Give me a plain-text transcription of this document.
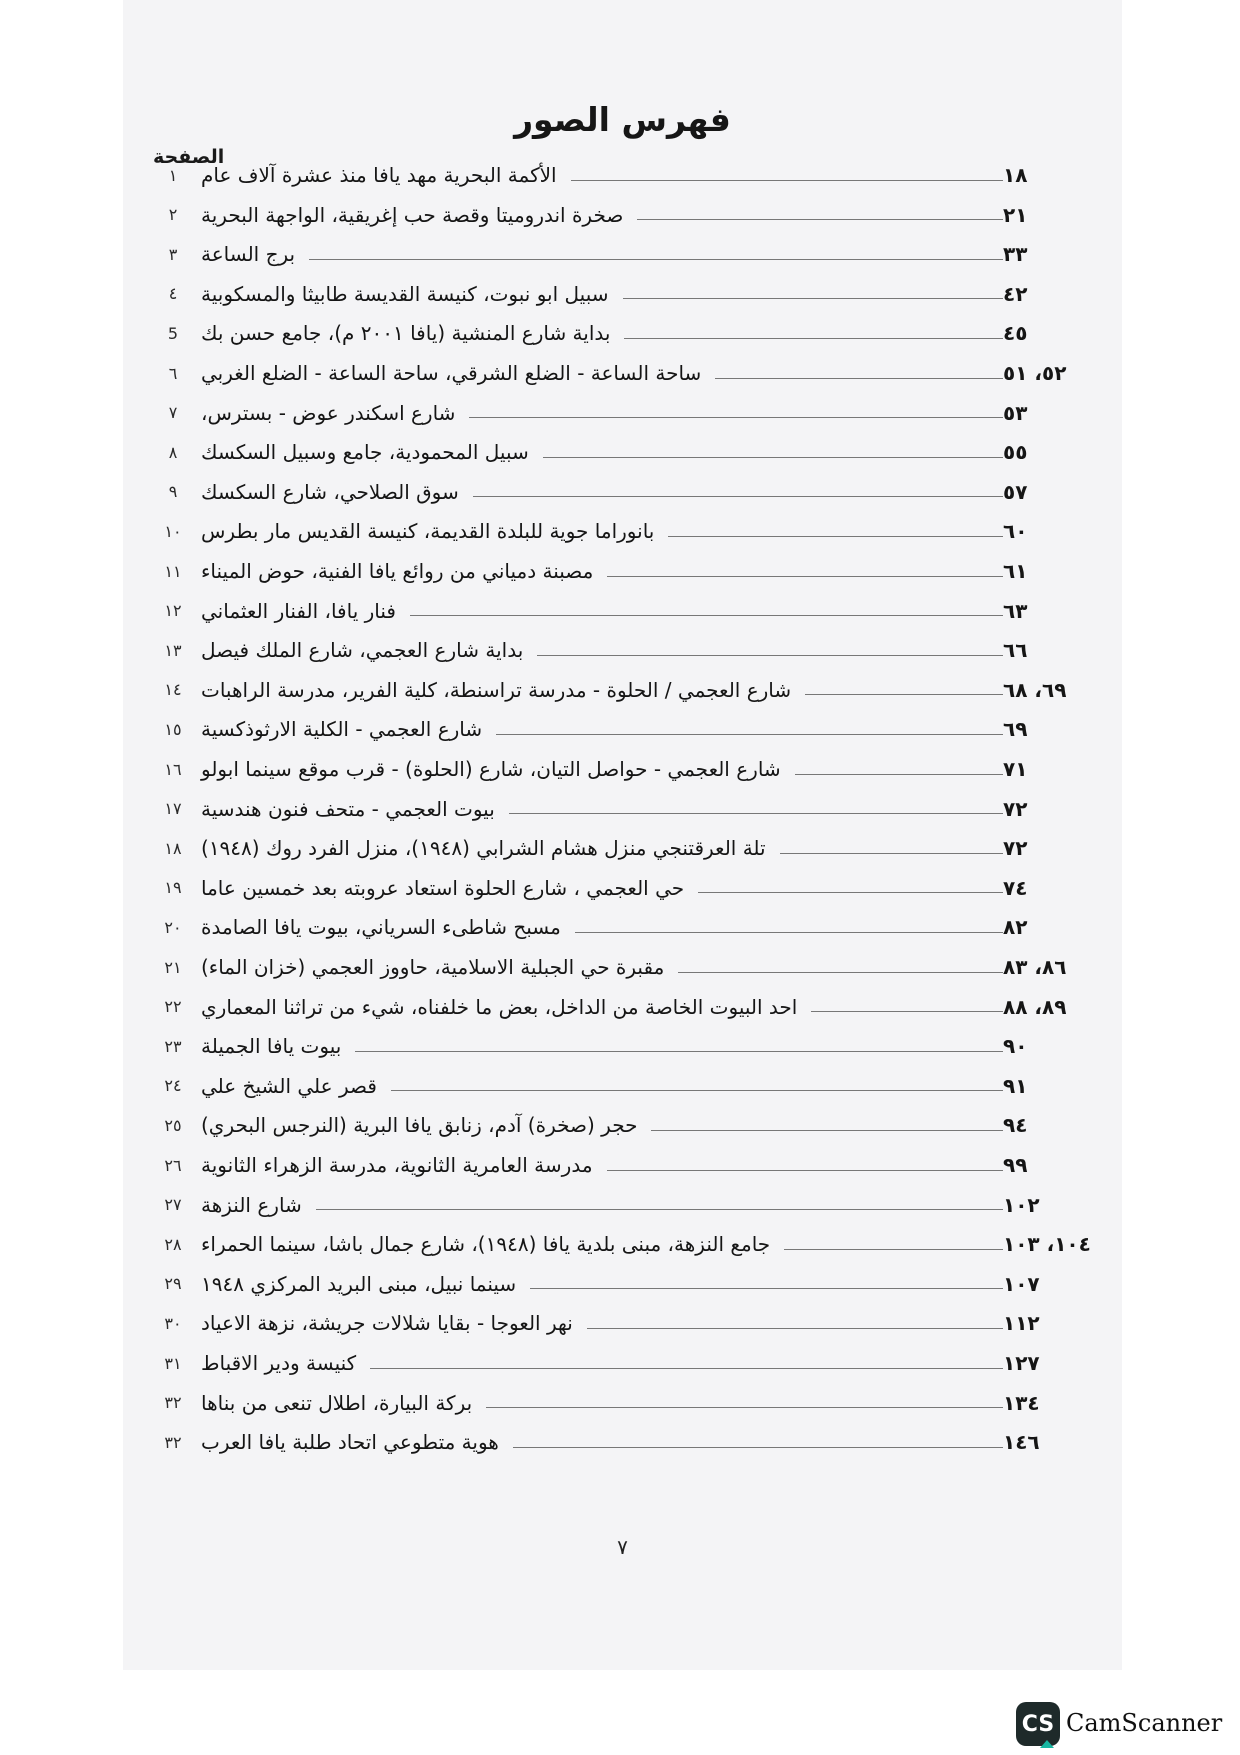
فهرس الصور
الصفحة
١	الأكمة البحرية مهد يافا منذ عشرة آلاف عام	١٨
٢	صخرة اندروميتا وقصة حب إغريقية، الواجهة البحرية	٢١
٣	برج الساعة	٣٣
٤	سبيل ابو نبوت، كنيسة القديسة طابيثا والمسكوبية	٤٢
5	بداية شارع المنشية (يافا ٢٠٠١ م)، جامع حسن بك	٤٥
٦	ساحة الساعة - الضلع الشرقي، ساحة الساعة - الضلع الغربي	٥٢، ٥١
٧	شارع اسكندر عوض - بسترس،	٥٣
٨	سبيل المحمودية، جامع وسبيل السكسك	٥٥
٩	سوق الصلاحي، شارع السكسك	٥٧
١٠ بانوراما جوية للبلدة القديمة، كنيسة القديس مار بطرس	٦٠
١١ مصبنة دمياني من روائع يافا الفنية، حوض الميناء	٦١
١٢ فنار يافا، الفنار العثماني	٦٣
١٣ بداية شارع العجمي، شارع الملك فيصل	٦٦
١٤ شارع العجمي / الحلوة - مدرسة تراسنطة، كلية الفرير، مدرسة الراهبات	٦٩، ٦٨
١٥ شارع العجمي - الكلية الارثوذكسية	٦٩
١٦ شارع العجمي - حواصل التيان، شارع (الحلوة) - قرب موقع سينما ابولو	٧١
١٧ بيوت العجمي - متحف فنون هندسية	٧٢
١٨ تلة العرقتنجي منزل هشام الشرابي (١٩٤٨)، منزل الفرد روك (١٩٤٨)	٧٢
١٩ حي العجمي ، شارع الحلوة استعاد عروبته بعد خمسين عاما	٧٤
٢٠ مسبح شاطىء السرياني، بيوت يافا الصامدة	٨٢
٢١ مقبرة حي الجبلية الاسلامية، حاووز العجمي (خزان الماء)	٨٦، ٨٣
٢٢ احد البيوت الخاصة من الداخل، بعض ما خلفناه، شيء من تراثنا المعماري	٨٩، ٨٨
٢٣ بيوت يافا الجميلة	٩٠
٢٤ قصر علي الشيخ علي	٩١
٢٥ حجر (صخرة) آدم، زنابق يافا البرية (النرجس البحري)	٩٤
٢٦ مدرسة العامرية الثانوية، مدرسة الزهراء الثانوية	٩٩
٢٧ شارع النزهة	١٠٢
٢٨ جامع النزهة، مبنى بلدية يافا (١٩٤٨)، شارع جمال باشا، سينما الحمراء	١٠٤، ١٠٣
٢٩ سينما نبيل، مبنى البريد المركزي ١٩٤٨	١٠٧
٣٠ نهر العوجا - بقايا شلالات جريشة، نزهة الاعياد	١١٢
٣١ كنيسة ودير الاقباط	١٢٧
٣٢ بركة البيارة، اطلال تنعى من بناها	١٣٤
٣٢ هوية متطوعي اتحاد طلبة يافا العرب	١٤٦
٧
CS CamScanner
